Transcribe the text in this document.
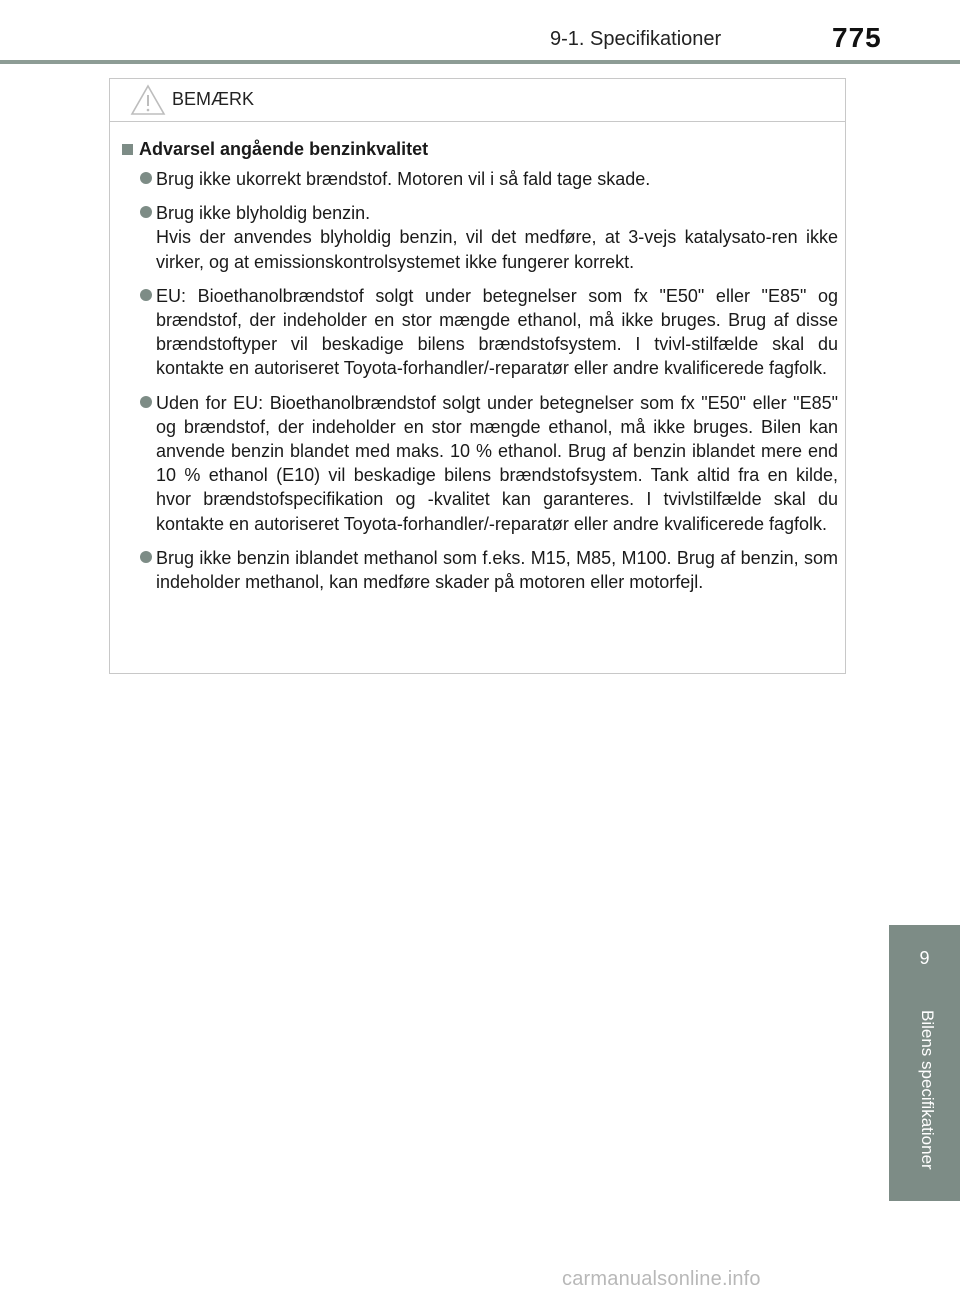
9-1. Specifikationer	775
BEMÆRK
Advarsel angående benzinkvalitet
Brug ikke ukorrekt brændstof. Motoren vil i så fald tage skade.
Brug ikke blyholdig benzin.
Hvis der anvendes blyholdig benzin, vil det medføre, at 3-vejs katalysato-ren ikke virker, og at emissionskontrolsystemet ikke fungerer korrekt.
EU: Bioethanolbrændstof solgt under betegnelser som fx "E50" eller "E85" og brændstof, der indeholder en stor mængde ethanol, må ikke bruges. Brug af disse brændstoftyper vil beskadige bilens brændstofsystem. I tvivl-stilfælde skal du kontakte en autoriseret Toyota-forhandler/-reparatør eller andre kvalificerede fagfolk.
Uden for EU: Bioethanolbrændstof solgt under betegnelser som fx "E50" eller "E85" og brændstof, der indeholder en stor mængde ethanol, må ikke bruges. Bilen kan anvende benzin blandet med maks. 10 % ethanol. Brug af benzin iblandet mere end 10 % ethanol (E10) vil beskadige bilens brændstofsystem. Tank altid fra en kilde, hvor brændstofspecifikation og -kvalitet kan garanteres. I tvivlstilfælde skal du kontakte en autoriseret Toyota-forhandler/-reparatør eller andre kvalificerede fagfolk.
Brug ikke benzin iblandet methanol som f.eks. M15, M85, M100. Brug af benzin, som indeholder methanol, kan medføre skader på motoren eller motorfejl.
9
Bilens specifikationer
carmanualsonline.info
